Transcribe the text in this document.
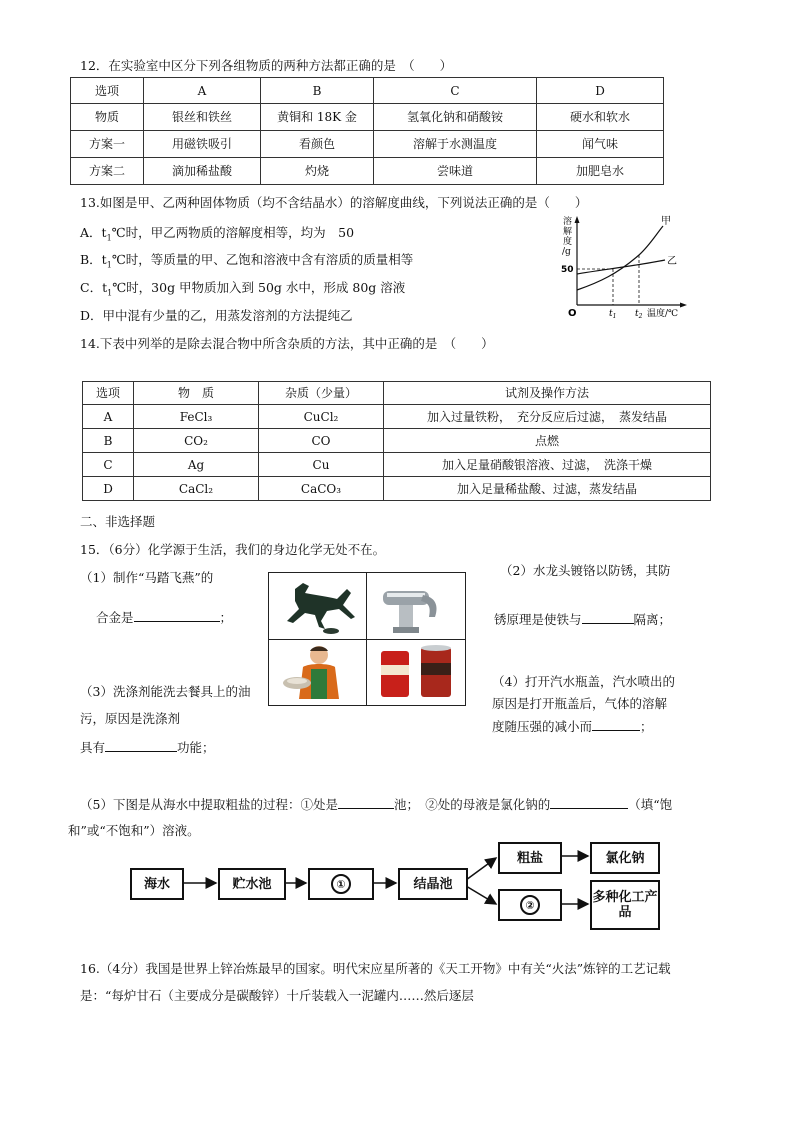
12．在实验室中区分下列各组物质的两种方法都正确的是　（　　）
选项	A	B	C	D
物质	银丝和铁丝	黄铜和 18K 金	氢氧化钠和硝酸铵	硬水和软水
方案一	用磁铁吸引	看颜色	溶解于水测温度	闻气味
方案二	滴加稀盐酸	灼烧	尝味道	加肥皂水
13.如图是甲、乙两种固体物质（均不含结晶水）的溶解度曲线，下列说法正确的是（　　）
A．$t_1℃$时，甲乙两物质的溶解度相等，均为　50
B．$t_1℃$时，等质量的甲、乙饱和溶液中含有溶质的质量相等
C．$t_1℃$时，30g 甲物质加入到 50g 水中，形成 80g 溶液
D．甲中混有少量的乙，用蒸发溶剂的方法提纯乙
溶
解
度
/g
50
O	$t_1$ $t_2$ 温度/℃
甲
乙
14.下表中列举的是除去混合物中所含杂质的方法，其中正确的是　（　　）
选项	物　质	杂质（少量）	试剂及操作方法
A	FeCl₃	CuCl₂	加入过量铁粉，　充分反应后过滤，　蒸发结晶
B	CO₂	CO	点燃
C	Ag	Cu	加入足量硝酸银溶液、过滤，　洗涤干燥
D	CaCl₂	CaCO₃	加入足量稀盐酸、过滤，蒸发结晶
二、非选择题
15．（6分）化学源于生活，我们的身边化学无处不在。
（1）制作“马踏飞燕”的
合金是	；
（2）水龙头镀铬以防锈，其防
锈原理是使铁与	隔离；
（3）洗涤剂能洗去餐具上的油
污，原因是洗涤剂
具有	功能；
（4）打开汽水瓶盖，汽水喷出的
原因是打开瓶盖后，气体的溶解
度随压强的减小而	；
（5）下图是从海水中提取粗盐的过程：①处是	池；　②处的母液是氯化钠的	（填“饱
和”或“不饱和”）溶液。
海水	贮水池	①	结晶池
粗盐	氯化钠
②	多种化工产品
16.（4分）我国是世界上锌冶炼最早的国家。明代宋应星所著的《天工开物》中有关“火法”炼锌的工艺记载
是：“每炉甘石（主要成分是碳酸锌）十斤装载入一泥罐内……然后逐层
